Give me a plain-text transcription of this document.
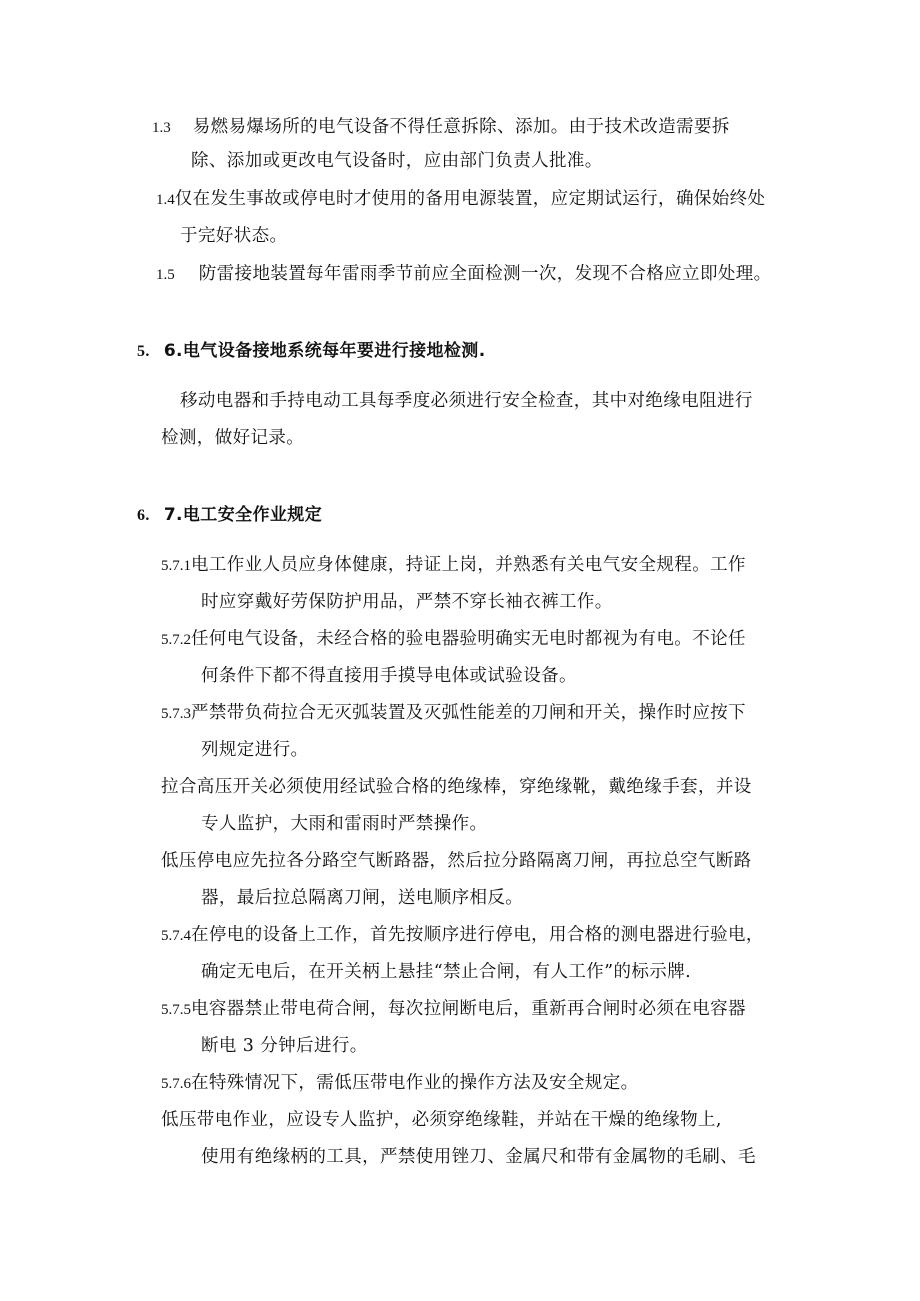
1.3 易燃易爆场所的电气设备不得任意拆除、添加。由于技术改造需要拆
除、添加或更改电气设备时，应由部门负责人批准。
1.4仅在发生事故或停电时才使用的备用电源装置，应定期试运行，确保始终处
于完好状态。
1.5 防雷接地装置每年雷雨季节前应全面检测一次，发现不合格应立即处理。
5. 6.电气设备接地系统每年要进行接地检测.
移动电器和手持电动工具每季度必须进行安全检查，其中对绝缘电阻进行
检测，做好记录。
6. 7.电工安全作业规定
5.7.1电工作业人员应身体健康，持证上岗，并熟悉有关电气安全规程。工作
时应穿戴好劳保防护用品，严禁不穿长袖衣裤工作。
5.7.2任何电气设备，未经合格的验电器验明确实无电时都视为有电。不论任
何条件下都不得直接用手摸导电体或试验设备。
5.7.3严禁带负荷拉合无灭弧装置及灭弧性能差的刀闸和开关，操作时应按下
列规定进行。
拉合高压开关必须使用经试验合格的绝缘棒，穿绝缘靴，戴绝缘手套，并设
专人监护，大雨和雷雨时严禁操作。
低压停电应先拉各分路空气断路器，然后拉分路隔离刀闸，再拉总空气断路
器，最后拉总隔离刀闸，送电顺序相反。
5.7.4在停电的设备上工作，首先按顺序进行停电，用合格的测电器进行验电，
确定无电后，在开关柄上悬挂“禁止合闸，有人工作”的标示牌.
5.7.5电容器禁止带电荷合闸，每次拉闸断电后，重新再合闸时必须在电容器
断电 3 分钟后进行。
5.7.6在特殊情况下，需低压带电作业的操作方法及安全规定。
低压带电作业，应设专人监护，必须穿绝缘鞋，并站在干燥的绝缘物上,
使用有绝缘柄的工具，严禁使用锉刀、金属尺和带有金属物的毛刷、毛
